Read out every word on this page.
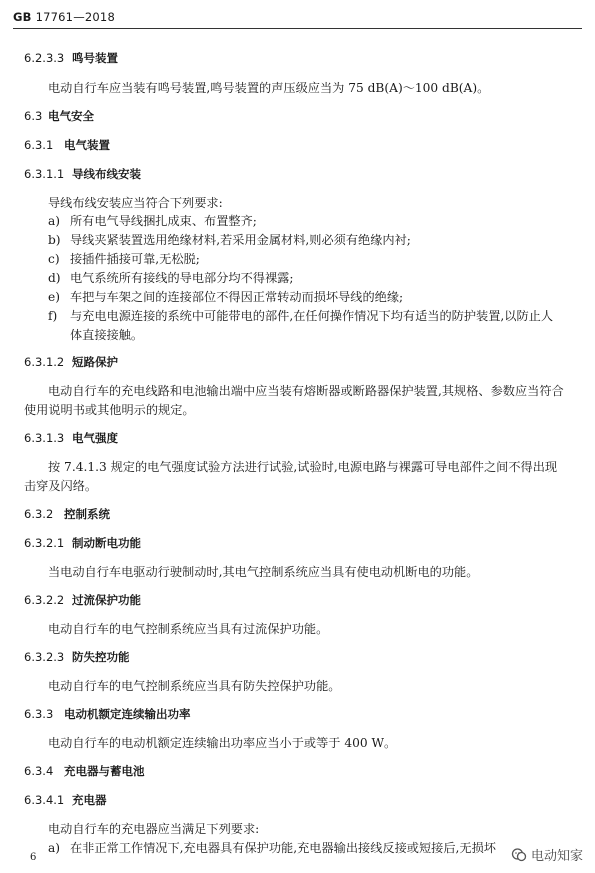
GB 17761—2018
6.2.3.3 鸣号装置
电动自行车应当装有鸣号装置,鸣号装置的声压级应当为 75 dB(A)～100 dB(A)。
6.3 电气安全
6.3.1 电气装置
6.3.1.1 导线布线安装
导线布线安装应当符合下列要求:
a) 所有电气导线捆扎成束、布置整齐;
b) 导线夹紧装置选用绝缘材料,若采用金属材料,则必须有绝缘内衬;
c) 接插件插接可靠,无松脱;
d) 电气系统所有接线的导电部分均不得裸露;
e) 车把与车架之间的连接部位不得因正常转动而损坏导线的绝缘;
f) 与充电电源连接的系统中可能带电的部件,在任何操作情况下均有适当的防护装置,以防止人
体直接接触。
6.3.1.2 短路保护
电动自行车的充电线路和电池输出端中应当装有熔断器或断路器保护装置,其规格、参数应当符合
使用说明书或其他明示的规定。
6.3.1.3 电气强度
按 7.4.1.3 规定的电气强度试验方法进行试验,试验时,电源电路与裸露可导电部件之间不得出现
击穿及闪络。
6.3.2 控制系统
6.3.2.1 制动断电功能
当电动自行车电驱动行驶制动时,其电气控制系统应当具有使电动机断电的功能。
6.3.2.2 过流保护功能
电动自行车的电气控制系统应当具有过流保护功能。
6.3.2.3 防失控功能
电动自行车的电气控制系统应当具有防失控保护功能。
6.3.3 电动机额定连续输出功率
电动自行车的电动机额定连续输出功率应当小于或等于 400 W。
6.3.4 充电器与蓄电池
6.3.4.1 充电器
电动自行车的充电器应当满足下列要求:
a) 在非正常工作情况下,充电器具有保护功能,充电器输出接线反接或短接后,无损坏
6	电动知家
